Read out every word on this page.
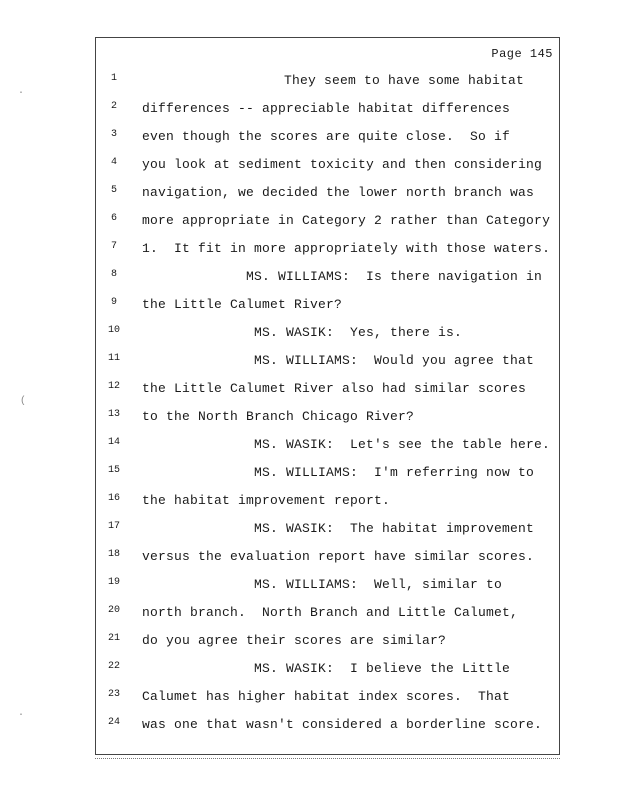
Page 145
1	They seem to have some habitat
2	differences -- appreciable habitat differences
3	even though the scores are quite close.  So if
4	you look at sediment toxicity and then considering
5	navigation, we decided the lower north branch was
6	more appropriate in Category 2 rather than Category
7	1.  It fit in more appropriately with those waters.
8	MS. WILLIAMS:  Is there navigation in
9	the Little Calumet River?
10	MS. WASIK:  Yes, there is.
11	MS. WILLIAMS:  Would you agree that
12	the Little Calumet River also had similar scores
13	to the North Branch Chicago River?
14	MS. WASIK:  Let's see the table here.
15	MS. WILLIAMS:  I'm referring now to
16	the habitat improvement report.
17	MS. WASIK:  The habitat improvement
18	versus the evaluation report have similar scores.
19	MS. WILLIAMS:  Well, similar to
20	north branch.  North Branch and Little Calumet,
21	do you agree their scores are similar?
22	MS. WASIK:  I believe the Little
23	Calumet has higher habitat index scores.  That
24	was one that wasn't considered a borderline score.
·
(
·
